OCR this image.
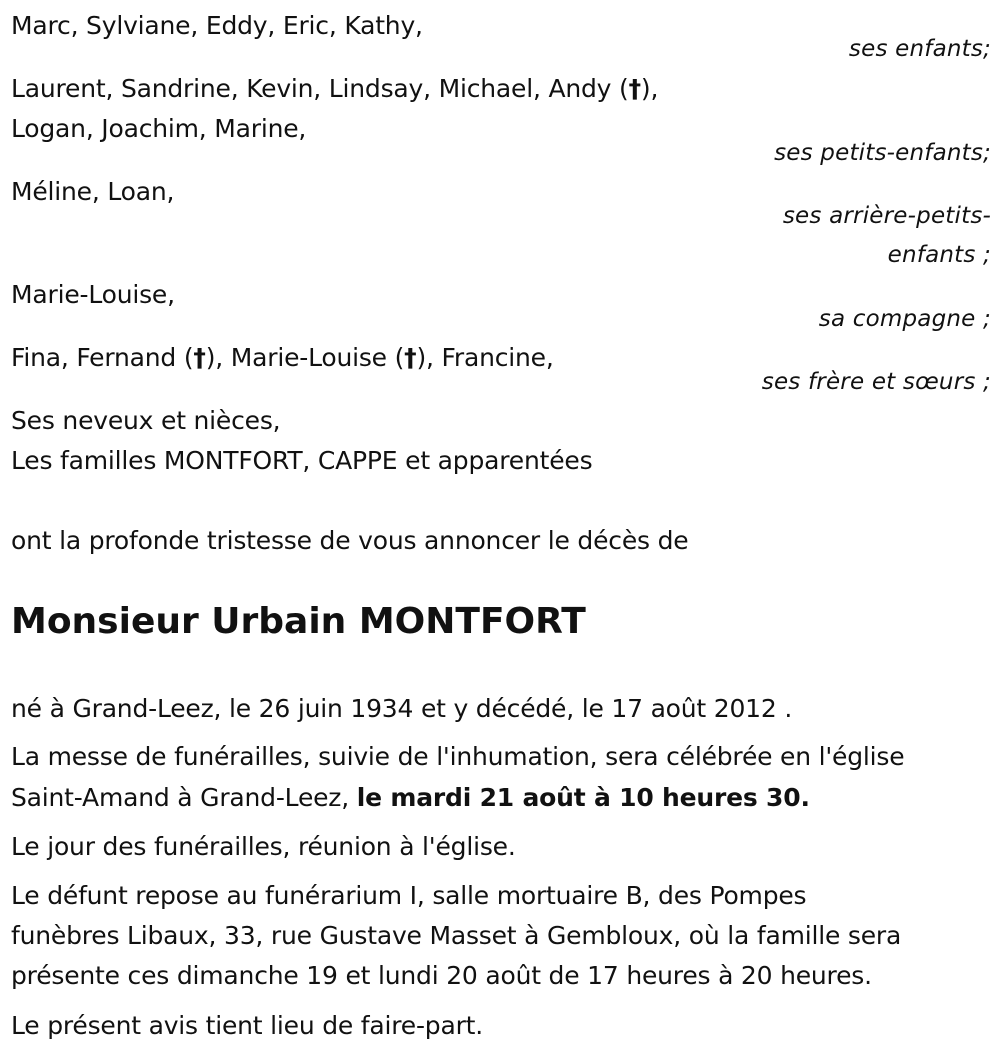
Marc, Sylviane, Eddy, Eric, Kathy,
ses enfants;
Laurent, Sandrine, Kevin, Lindsay, Michael, Andy (†),
Logan, Joachim, Marine,
ses petits-enfants;
Méline, Loan,
ses arrière-petits-
enfants ;
Marie-Louise,
sa compagne ;
Fina, Fernand (†), Marie-Louise (†), Francine,
ses frère et sœurs ;
Ses neveux et nièces,
Les familles MONTFORT, CAPPE et apparentées
ont la profonde tristesse de vous annoncer le décès de
Monsieur Urbain MONTFORT
né à Grand-Leez, le 26 juin 1934 et y décédé, le 17 août 2012 .
La messe de funérailles, suivie de l'inhumation, sera célébrée en l'église
Saint-Amand à Grand-Leez, le mardi 21 août à 10 heures 30.
Le jour des funérailles, réunion à l'église.
Le défunt repose au funérarium I, salle mortuaire B, des Pompes
funèbres Libaux, 33, rue Gustave Masset à Gembloux, où la famille sera
présente ces dimanche 19 et lundi 20 août de 17 heures à 20 heures.
Le présent avis tient lieu de faire-part.
